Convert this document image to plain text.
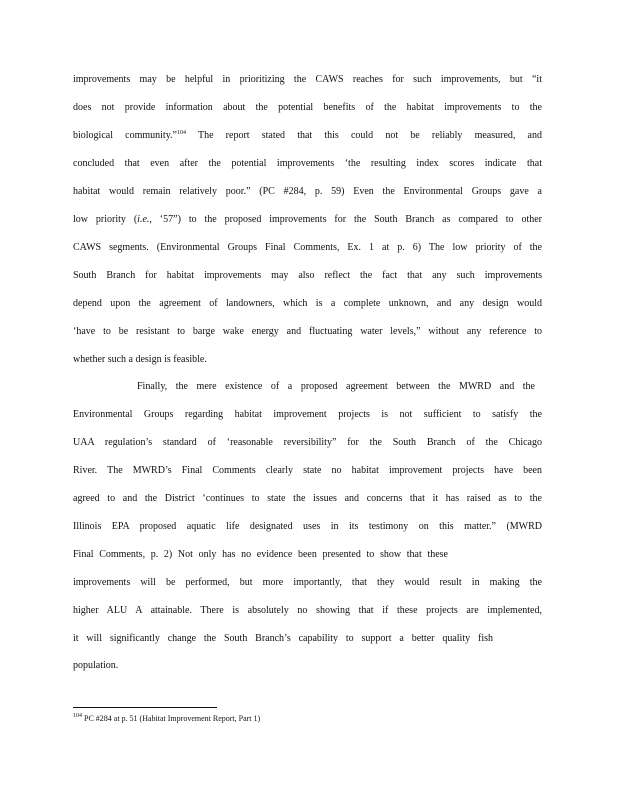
improvements may be helpful in prioritizing the CAWS reaches for such improvements, but “it
does not provide information about the potential benefits of the habitat improvements to the
biological community.”$^{104}$ The report stated that this could not be reliably measured, and
concluded that even after the potential improvements ‘the resulting index scores indicate that
habitat would remain relatively poor.” (PC #284, p. 59) Even the Environmental Groups gave a
low priority (i.e., ‘57”) to the proposed improvements for the South Branch as compared to other
CAWS segments. (Environmental Groups Final Comments, Ex. 1 at p. 6) The low priority of the
South Branch for habitat improvements may also reflect the fact that any such improvements
depend upon the agreement of landowners, which is a complete unknown, and any design would
‘have to be resistant to barge wake energy and fluctuating water levels,” without any reference to
whether such a design is feasible.
Finally, the mere existence of a proposed agreement between the MWRD and the
Environmental Groups regarding habitat improvement projects is not sufficient to satisfy the
UAA regulation’s standard of ‘reasonable reversibility” for the South Branch of the Chicago
River. The MWRD’s Final Comments clearly state no habitat improvement projects have been
agreed to and the District ‘continues to state the issues and concerns that it has raised as to the
Illinois EPA proposed aquatic life designated uses in its testimony on this matter.” (MWRD
Final Comments, p. 2) Not only has no evidence been presented to show that these
improvements will be performed, but more importantly, that they would result in making the
higher ALU A attainable. There is absolutely no showing that if these projects are implemented,
it will significantly change the South Branch’s capability to support a better quality fish
population.
$^{104}$ PC #284 at p. 51 (Habitat Improvement Report, Part 1)
